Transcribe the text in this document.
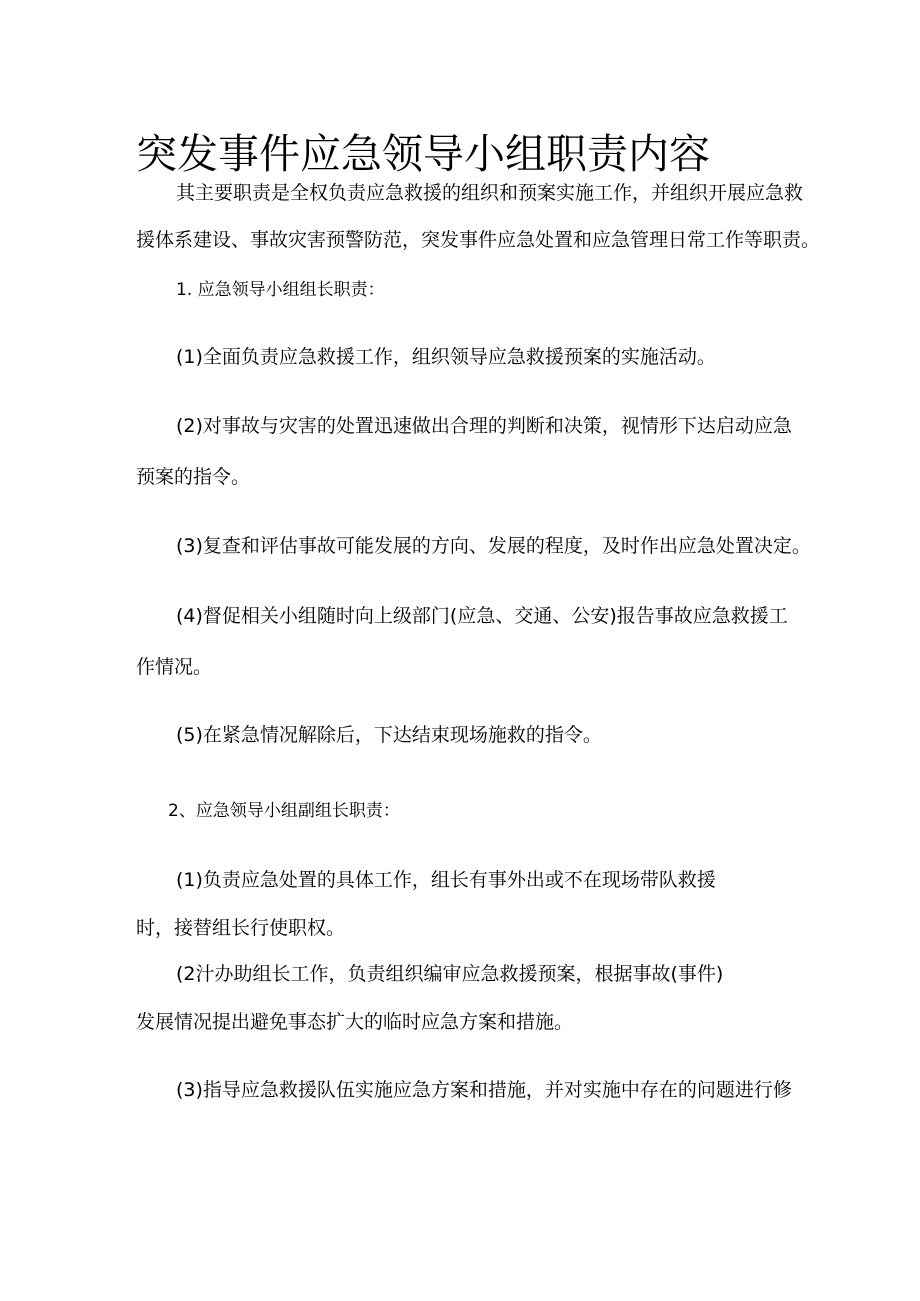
突发事件应急领导小组职责内容
其主要职责是全权负责应急救援的组织和预案实施工作，并组织开展应急救
援体系建设、事故灾害预警防范，突发事件应急处置和应急管理日常工作等职责。
1. 应急领导小组组长职责：
(1)全面负责应急救援工作，组织领导应急救援预案的实施活动。
(2)对事故与灾害的处置迅速做出合理的判断和决策，视情形下达启动应急
预案的指令。
(3)复查和评估事故可能发展的方向、发展的程度，及时作出应急处置决定。
(4)督促相关小组随时向上级部门(应急、交通、公安)报告事故应急救援工
作情况。
(5)在紧急情况解除后，下达结束现场施救的指令。
2、应急领导小组副组长职责：
(1)负责应急处置的具体工作，组长有事外出或不在现场带队救援
时，接替组长行使职权。
(2汁办助组长工作，负责组织编审应急救援预案，根据事故(事件)
发展情况提出避免事态扩大的临时应急方案和措施。
(3)指导应急救援队伍实施应急方案和措施，并对实施中存在的问题进行修
